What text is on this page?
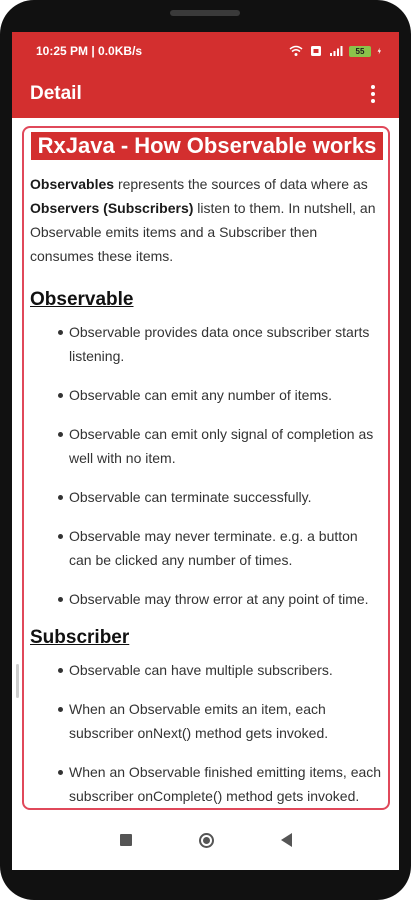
10:25 PM | 0.0KB/s	55
Detail
RxJava - How Observable works

Observables represents the sources of data where as Observers (Subscribers) listen to them. In nutshell, an Observable emits items and a Subscriber then consumes these items.

Observable
Observable provides data once subscriber starts listening.
Observable can emit any number of items.
Observable can emit only signal of completion as well with no item.
Observable can terminate successfully.
Observable may never terminate. e.g. a button can be clicked any number of times.
Observable may throw error at any point of time.
Subscriber
Observable can have multiple subscribers.
When an Observable emits an item, each subscriber onNext() method gets invoked.
When an Observable finished emitting items, each subscriber onComplete() method gets invoked.
